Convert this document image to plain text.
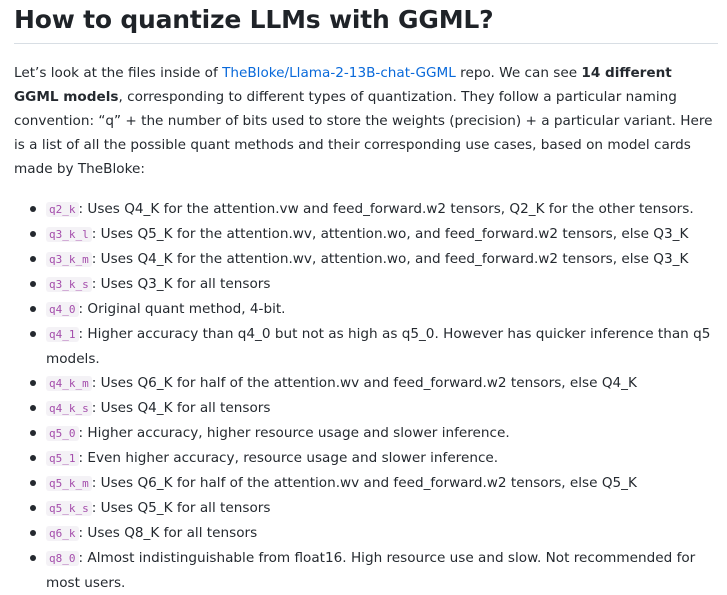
How to quantize LLMs with GGML?

Let’s look at the files inside of TheBloke/Llama-2-13B-chat-GGML repo. We can see 14 different GGML models, corresponding to different types of quantization. They follow a particular naming convention: “q” + the number of bits used to store the weights (precision) + a particular variant. Here is a list of all the possible quant methods and their corresponding use cases, based on model cards made by TheBloke:

q2_k : Uses Q4_K for the attention.vw and feed_forward.w2 tensors, Q2_K for the other tensors.
q3_k_l : Uses Q5_K for the attention.wv, attention.wo, and feed_forward.w2 tensors, else Q3_K
q3_k_m : Uses Q4_K for the attention.wv, attention.wo, and feed_forward.w2 tensors, else Q3_K
q3_k_s : Uses Q3_K for all tensors
q4_0 : Original quant method, 4-bit.
q4_1 : Higher accuracy than q4_0 but not as high as q5_0. However has quicker inference than q5 models.
q4_k_m : Uses Q6_K for half of the attention.wv and feed_forward.w2 tensors, else Q4_K
q4_k_s : Uses Q4_K for all tensors
q5_0 : Higher accuracy, higher resource usage and slower inference.
q5_1 : Even higher accuracy, resource usage and slower inference.
q5_k_m : Uses Q6_K for half of the attention.wv and feed_forward.w2 tensors, else Q5_K
q5_k_s : Uses Q5_K for all tensors
q6_k : Uses Q8_K for all tensors
q8_0 : Almost indistinguishable from float16. High resource use and slow. Not recommended for most users.
